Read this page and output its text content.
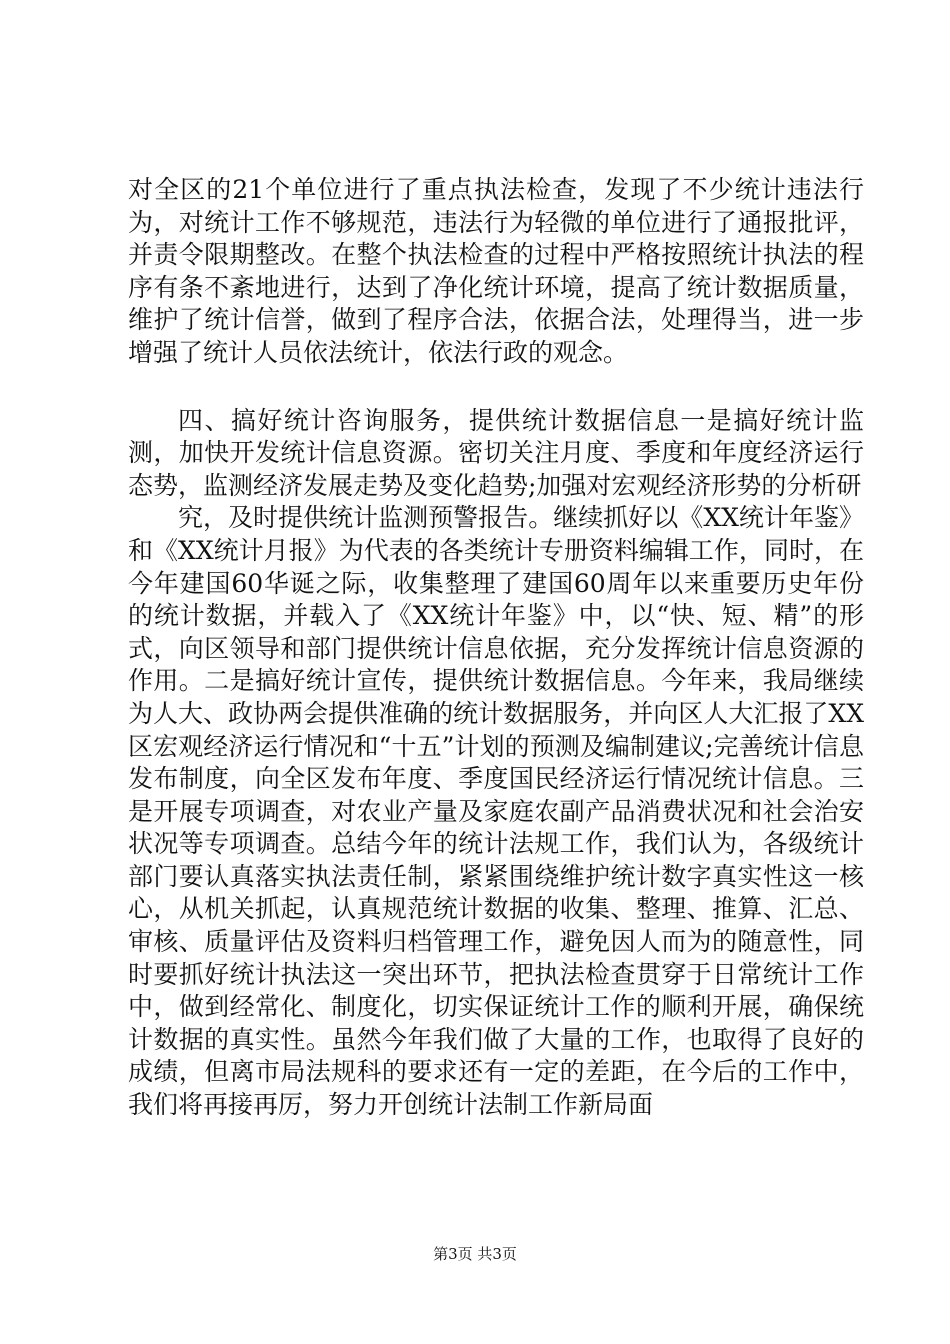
对全区的21个单位进行了重点执法检查，发现了不少统计违法行为，对统计工作不够规范，违法行为轻微的单位进行了通报批评，并责令限期整改。在整个执法检查的过程中严格按照统计执法的程序有条不紊地进行，达到了净化统计环境，提高了统计数据质量，维护了统计信誉，做到了程序合法，依据合法，处理得当，进一步增强了统计人员依法统计，依法行政的观念。

四、搞好统计咨询服务，提供统计数据信息一是搞好统计监测，加快开发统计信息资源。密切关注月度、季度和年度经济运行态势，监测经济发展走势及变化趋势;加强对宏观经济形势的分析研

究，及时提供统计监测预警报告。继续抓好以《XX统计年鉴》和《XX统计月报》为代表的各类统计专册资料编辑工作，同时，在今年建国60华诞之际，收集整理了建国60周年以来重要历史年份的统计数据，并载入了《XX统计年鉴》中，以“快、短、精”的形式，向区领导和部门提供统计信息依据，充分发挥统计信息资源的作用。二是搞好统计宣传，提供统计数据信息。今年来，我局继续为人大、政协两会提供准确的统计数据服务，并向区人大汇报了XX区宏观经济运行情况和“十五”计划的预测及编制建议;完善统计信息发布制度，向全区发布年度、季度国民经济运行情况统计信息。三是开展专项调查，对农业产量及家庭农副产品消费状况和社会治安状况等专项调查。总结今年的统计法规工作，我们认为，各级统计部门要认真落实执法责任制，紧紧围绕维护统计数字真实性这一核心，从机关抓起，认真规范统计数据的收集、整理、推算、汇总、审核、质量评估及资料归档管理工作，避免因人而为的随意性，同时要抓好统计执法这一突出环节，把执法检查贯穿于日常统计工作中，做到经常化、制度化，切实保证统计工作的顺利开展，确保统计数据的真实性。虽然今年我们做了大量的工作，也取得了良好的成绩，但离市局法规科的要求还有一定的差距，在今后的工作中，我们将再接再厉，努力开创统计法制工作新局面

第3页 共3页
